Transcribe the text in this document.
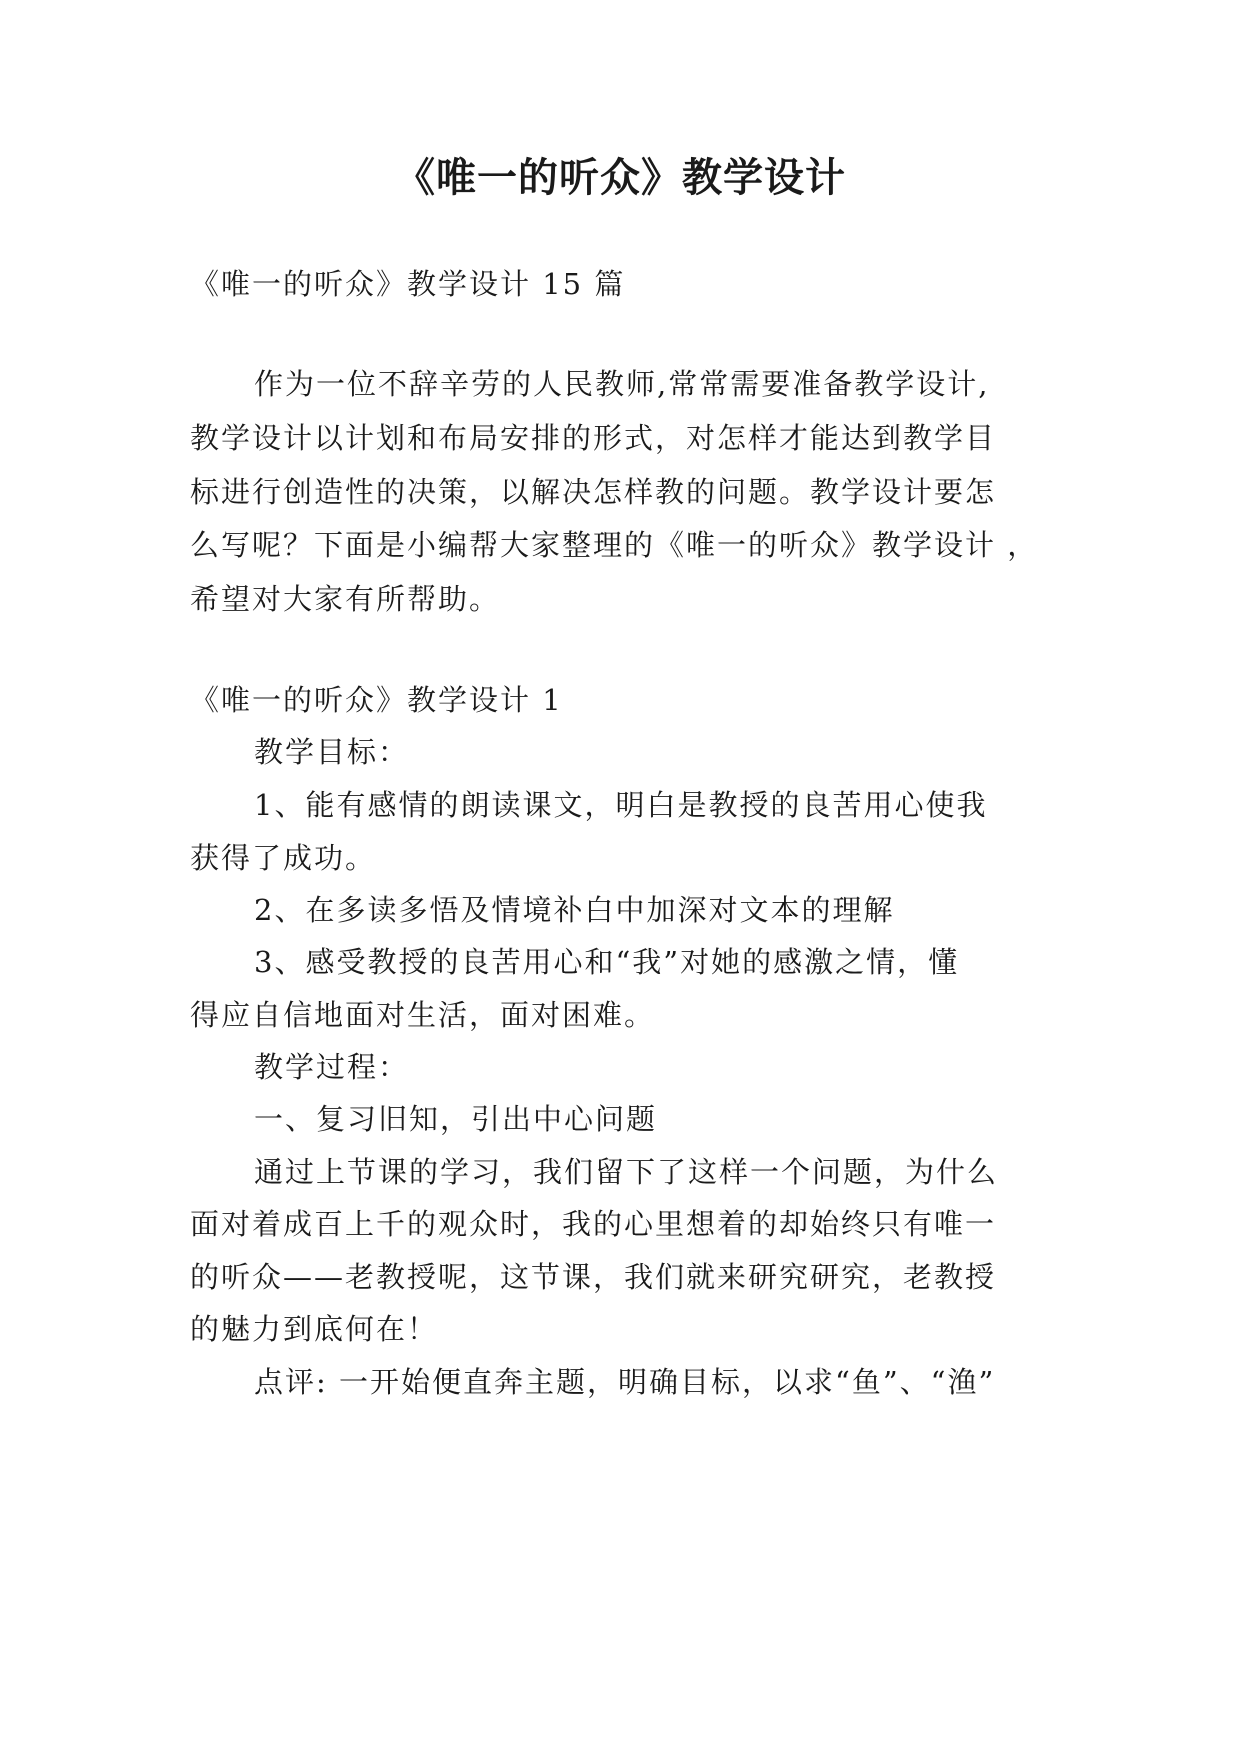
《唯一的听众》教学设计
《唯一的听众》教学设计 15 篇
作为一位不辞辛劳的人民教师,常常需要准备教学设计,
教学设计以计划和布局安排的形式，对怎样才能达到教学目
标进行创造性的决策，以解决怎样教的问题。教学设计要怎
么写呢？下面是小编帮大家整理的《唯一的听众》教学设计 ，
希望对大家有所帮助。
《唯一的听众》教学设计 1
教学目标：
1、能有感情的朗读课文，明白是教授的良苦用心使我
获得了成功。
2、在多读多悟及情境补白中加深对文本的理解
3、感受教授的良苦用心和“我”对她的感激之情，懂
得应自信地面对生活，面对困难。
教学过程：
一、复习旧知，引出中心问题
通过上节课的学习，我们留下了这样一个问题，为什么
面对着成百上千的观众时，我的心里想着的却始终只有唯一
的听众——老教授呢，这节课，我们就来研究研究，老教授
的魅力到底何在！
点评: 一开始便直奔主题，明确目标，以求“鱼”、“渔”
